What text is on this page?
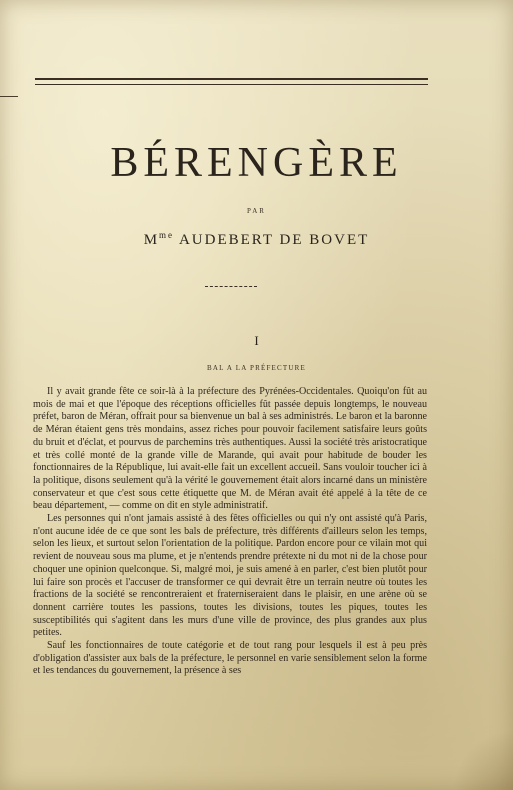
BÉRENGÈRE
PAR
$M^{me}$ AUDEBERT DE BOVET
I
BAL A LA PRÉFECTURE

Il y avait grande fête ce soir-là à la préfecture des Pyrénées-Occidentales. Quoiqu'on fût au mois de mai et que l'époque des réceptions officielles fût passée depuis longtemps, le nouveau préfet, baron de Méran, offrait pour sa bienvenue un bal à ses administrés. Le baron et la baronne de Méran étaient gens très mondains, assez riches pour pouvoir facilement satisfaire leurs goûts du bruit et d'éclat, et pourvus de parchemins très authentiques. Aussi la société très aristocratique et très collé monté de la grande ville de Marande, qui avait pour habitude de bouder les fonctionnaires de la République, lui avait-elle fait un excellent accueil. Sans vouloir toucher ici à la politique, disons seulement qu'à la vérité le gouvernement était alors incarné dans un ministère conservateur et que c'est sous cette étiquette que M. de Méran avait été appelé à la tête de ce beau département, — comme on dit en style administratif.

Les personnes qui n'ont jamais assisté à des fêtes officielles ou qui n'y ont assisté qu'à Paris, n'ont aucune idée de ce que sont les bals de préfecture, très différents d'ailleurs selon les temps, selon les lieux, et surtout selon l'orientation de la politique. Pardon encore pour ce vilain mot qui revient de nouveau sous ma plume, et je n'entends prendre prétexte ni du mot ni de la chose pour choquer une opinion quelconque. Si, malgré moi, je suis amené à en parler, c'est bien plutôt pour lui faire son procès et l'accuser de transformer ce qui devrait être un terrain neutre où toutes les fractions de la société se rencontreraient et fraterniseraient dans le plaisir, en une arène où se donnent carrière toutes les passions, toutes les divisions, toutes les piques, toutes les susceptibilités qui s'agitent dans les murs d'une ville de province, des plus grandes aux plus petites.

Sauf les fonctionnaires de toute catégorie et de tout rang pour lesquels il est à peu près d'obligation d'assister aux bals de la préfecture, le personnel en varie sensiblement selon la forme et les tendances du gouvernement, la présence à ses
